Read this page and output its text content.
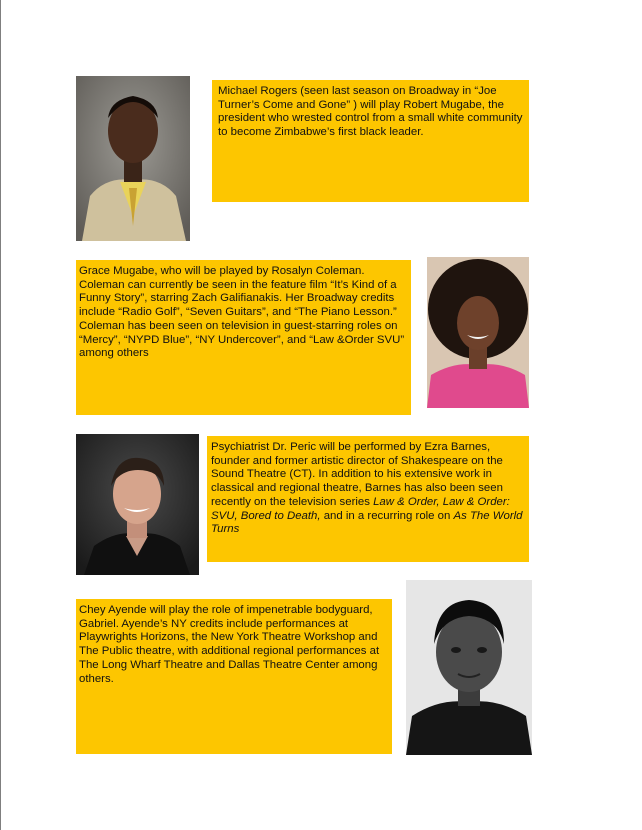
Michael Rogers (seen last season on Broadway in “Joe Turner’s Come and Gone” ) will play Robert Mugabe, the president who wrested control from a small white community to become Zimbabwe’s first black leader.

Grace Mugabe, who will be played by Rosalyn Coleman. Coleman can currently be seen in the feature film “It’s Kind of a Funny Story”, starring Zach Galifianakis. Her Broadway credits include “Radio Golf”, “Seven Guitars”, and “The Piano Lesson.” Coleman has been seen on television in guest-starring roles on “Mercy”, “NYPD Blue”, “NY Undercover”, and “Law &Order SVU” among others

Psychiatrist Dr. Peric will be performed by Ezra Barnes, founder and former artistic director of Shakespeare on the Sound Theatre (CT). In addition to his extensive work in classical and regional theatre, Barnes has also been seen recently on the television series Law & Order, Law & Order: SVU, Bored to Death, and in a recurring role on As The World Turns

Chey Ayende will play the role of impenetrable bodyguard, Gabriel. Ayende’s NY credits include performances at Playwrights Horizons, the New York Theatre Workshop and The Public theatre, with additional regional performances at The Long Wharf Theatre and Dallas Theatre Center among others.
